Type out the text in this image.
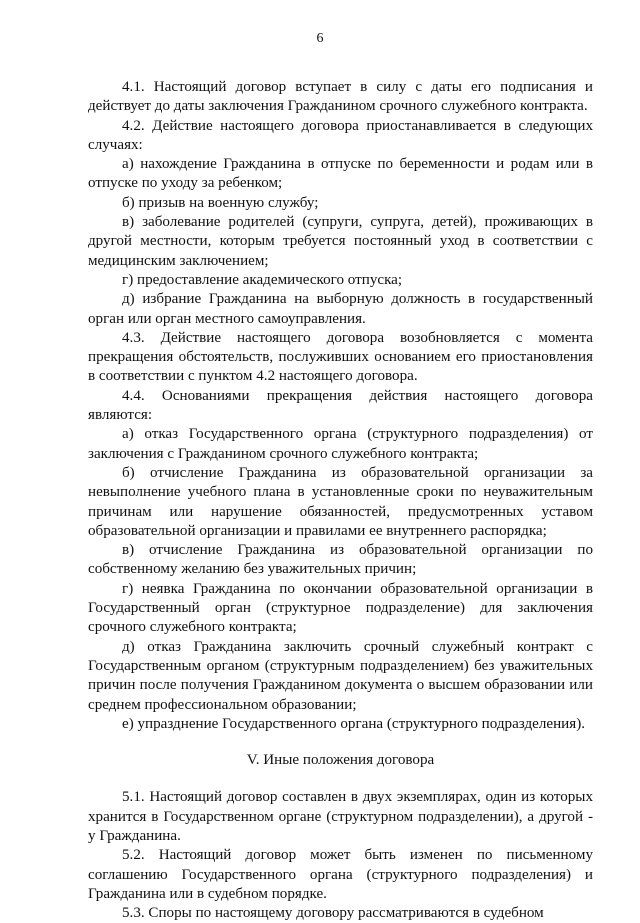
6

4.1. Настоящий договор вступает в силу с даты его подписания и действует до даты заключения Гражданином срочного служебного контракта.

4.2. Действие настоящего договора приостанавливается в следующих случаях:

а) нахождение Гражданина в отпуске по беременности и родам или в отпуске по уходу за ребенком;

б) призыв на военную службу;

в) заболевание родителей (супруги, супруга, детей), проживающих в другой местности, которым требуется постоянный уход в соответствии с медицинским заключением;

г) предоставление академического отпуска;

д) избрание Гражданина на выборную должность в государственный орган или орган местного самоуправления.

4.3. Действие настоящего договора возобновляется с момента прекращения обстоятельств, послуживших основанием его приостановления в соответствии с пунктом 4.2 настоящего договора.

4.4. Основаниями прекращения действия настоящего договора являются:

а) отказ Государственного органа (структурного подразделения) от заключения с Гражданином срочного служебного контракта;

б) отчисление Гражданина из образовательной организации за невыполнение учебного плана в установленные сроки по неуважительным причинам или нарушение обязанностей, предусмотренных уставом образовательной организации и правилами ее внутреннего распорядка;

в) отчисление Гражданина из образовательной организации по собственному желанию без уважительных причин;

г) неявка Гражданина по окончании образовательной организации в Государственный орган (структурное подразделение) для заключения срочного служебного контракта;

д) отказ Гражданина заключить срочный служебный контракт с Государственным органом (структурным подразделением) без уважительных причин после получения Гражданином документа о высшем образовании или среднем профессиональном образовании;

е) упразднение Государственного органа (структурного подразделения).

V. Иные положения договора

5.1. Настоящий договор составлен в двух экземплярах, один из которых хранится в Государственном органе (структурном подразделении), а другой - у Гражданина.

5.2. Настоящий договор может быть изменен по письменному соглашению Государственного органа (структурного подразделения) и Гражданина или в судебном порядке.

5.3. Споры по настоящему договору рассматриваются в судебном
